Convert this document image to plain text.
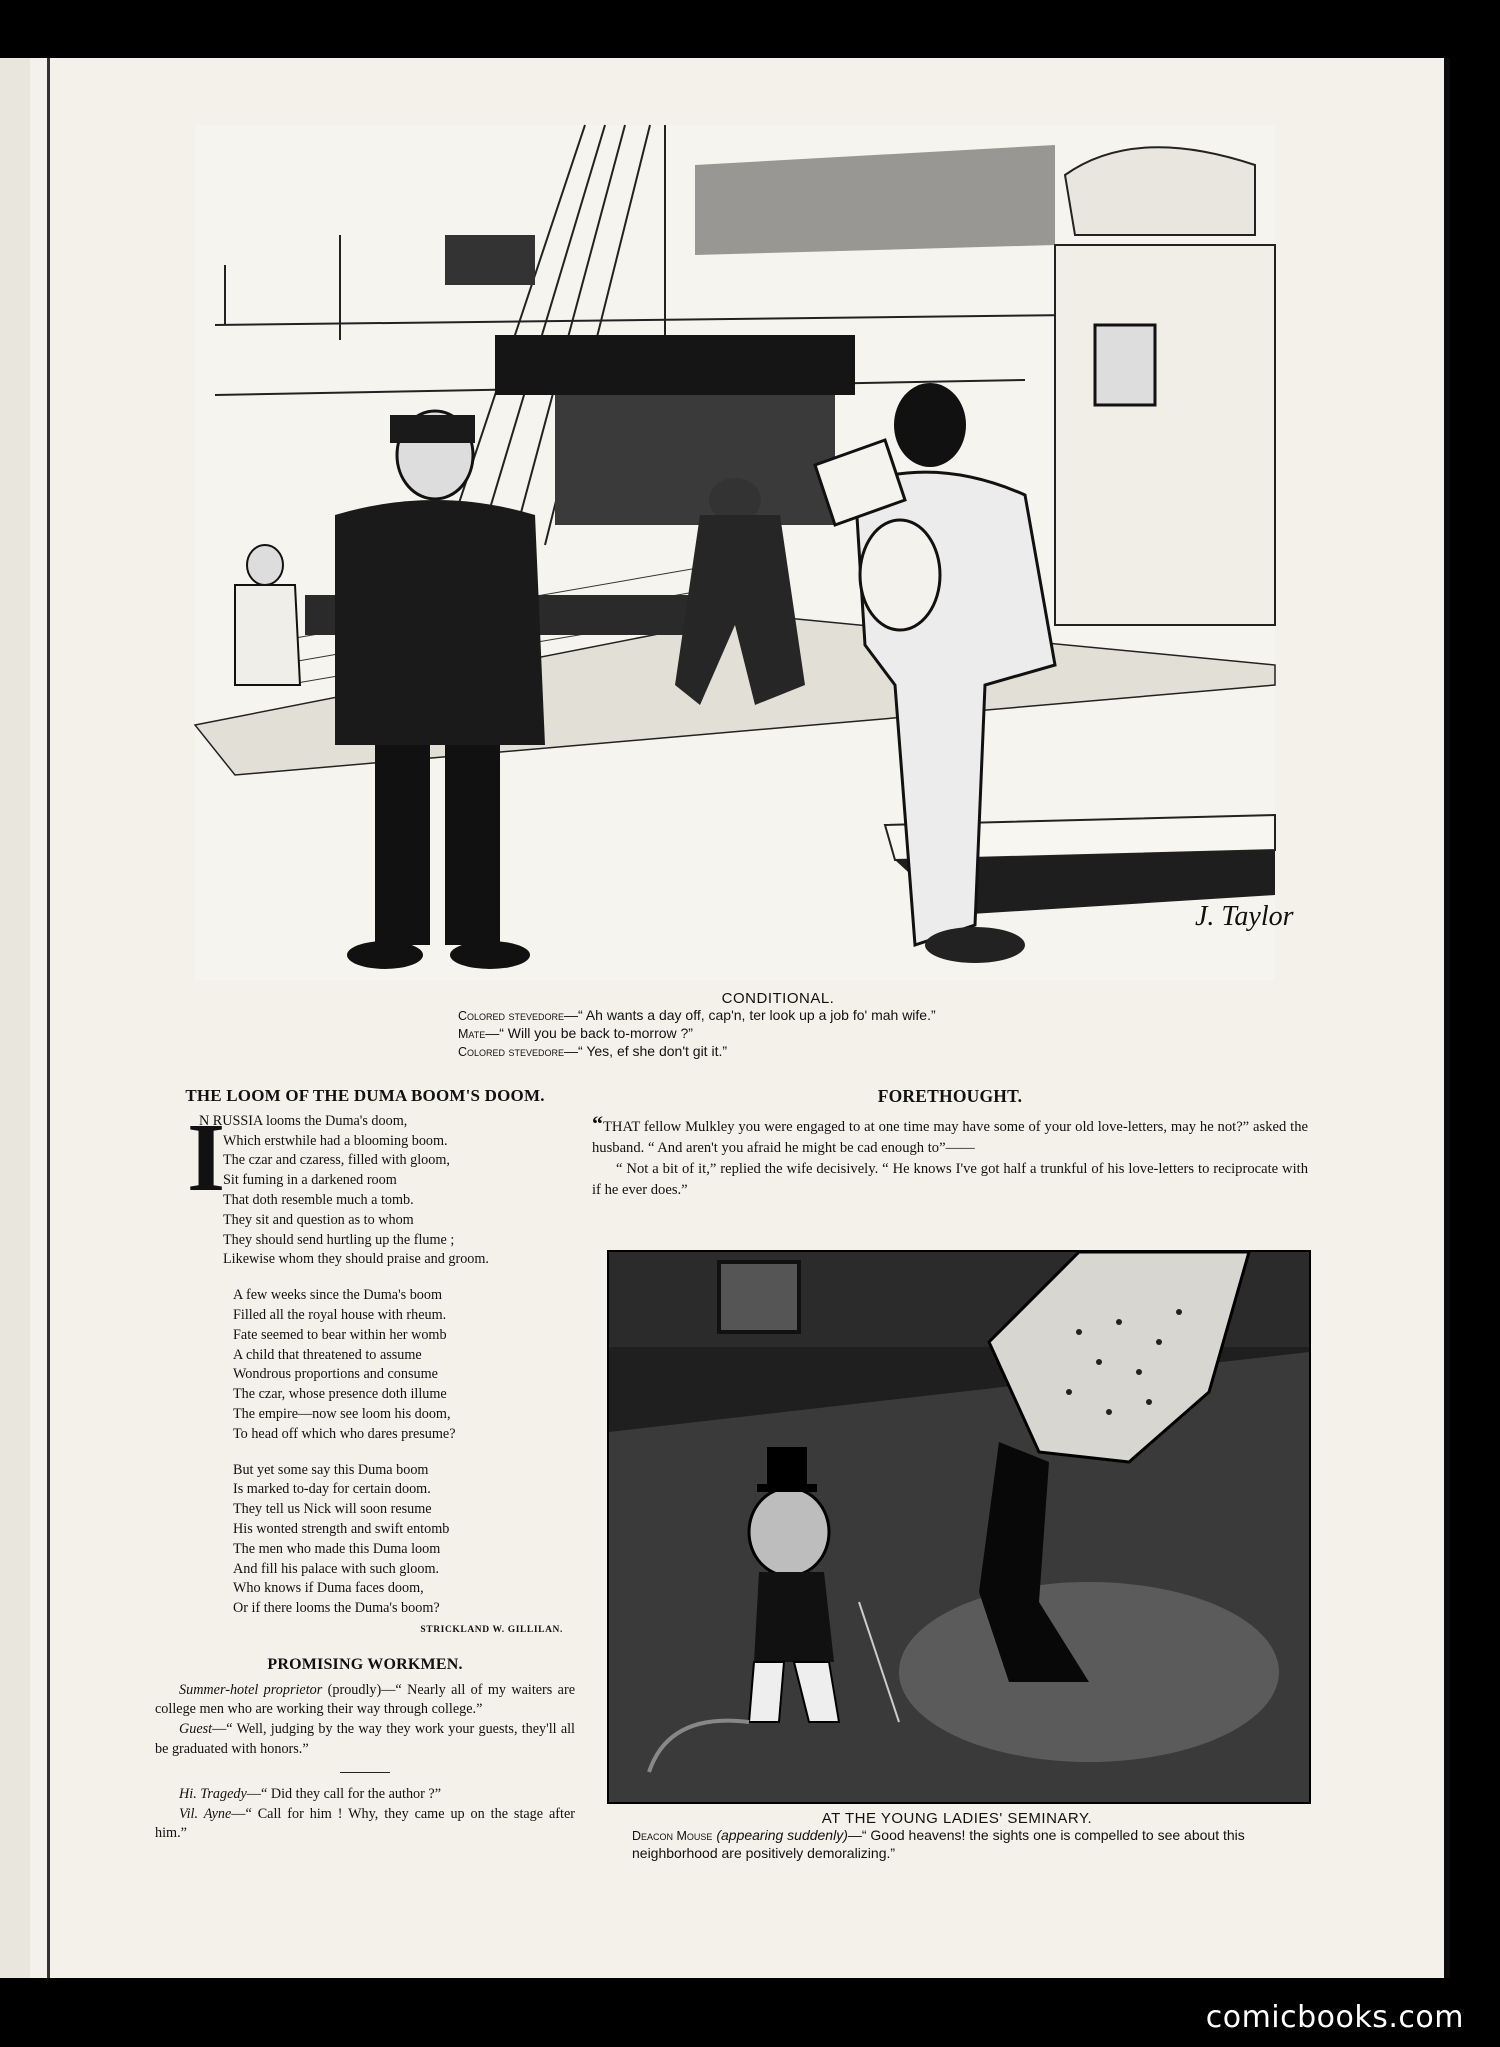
J. Taylor
CONDITIONAL.
Colored stevedore—“ Ah wants a day off, cap'n, ter look up a job fo' mah wife.”
Mate—“ Will you be back to-morrow ?”
Colored stevedore—“ Yes, ef she don't git it.”
THE LOOM OF THE DUMA BOOM'S DOOM.
I
N RUSSIA looms the Duma's doom,
Which erstwhile had a blooming boom.
The czar and czaress, filled with gloom,
Sit fuming in a darkened room
That doth resemble much a tomb.
They sit and question as to whom
They should send hurtling up the flume ;
Likewise whom they should praise and groom.
A few weeks since the Duma's boom
Filled all the royal house with rheum.
Fate seemed to bear within her womb
A child that threatened to assume
Wondrous proportions and consume
The czar, whose presence doth illume
The empire—now see loom his doom,
To head off which who dares presume?
But yet some say this Duma boom
Is marked to-day for certain doom.
They tell us Nick will soon resume
His wonted strength and swift entomb
The men who made this Duma loom
And fill his palace with such gloom.
Who knows if Duma faces doom,
Or if there looms the Duma's boom?
STRICKLAND W. GILLILAN.
PROMISING WORKMEN.

Summer-hotel proprietor (proudly)—“ Nearly all of my waiters are college men who are working their way through college.”

Guest—“ Well, judging by the way they work your guests, they'll all be graduated with honors.”

Hi. Tragedy—“ Did they call for the author ?”

Vil. Ayne—“ Call for him ! Why, they came up on the stage after him.”

FORETHOUGHT.

“THAT fellow Mulkley you were engaged to at one time may have some of your old love-letters, may he not?” asked the husband. “ And aren't you afraid he might be cad enough to”——

“ Not a bit of it,” replied the wife decisively. “ He knows I've got half a trunkful of his love-letters to reciprocate with if he ever does.”

AT THE YOUNG LADIES' SEMINARY.
Deacon Mouse (appearing suddenly)—“ Good heavens! the sights one is compelled to see about this neighborhood are positively demoralizing.”
comicbooks.com
